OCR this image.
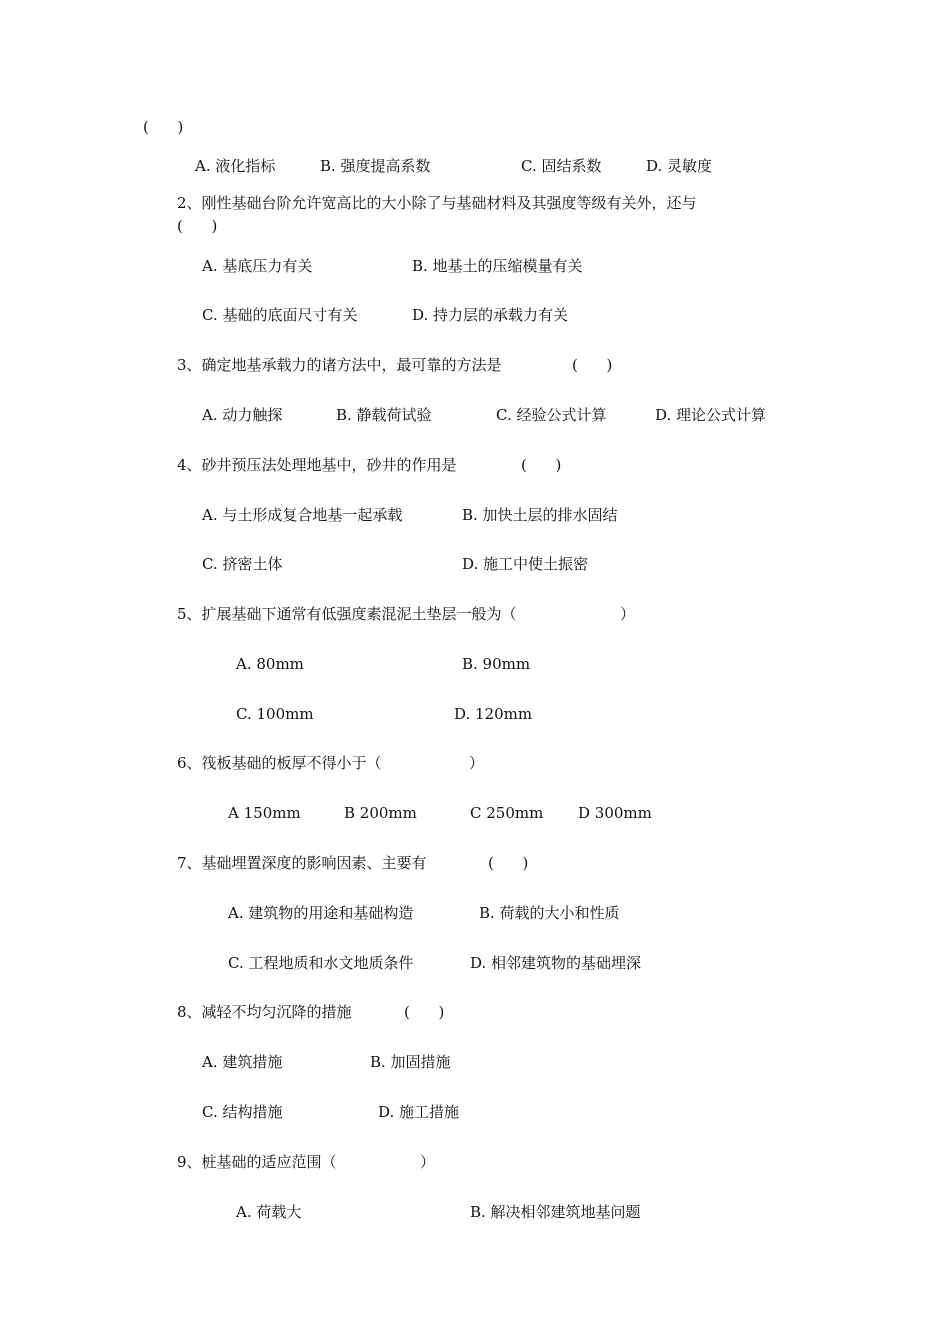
(      )
A. 液化指标	B. 强度提高系数	C. 固结系数	D. 灵敏度
2、刚性基础台阶允许宽高比的大小除了与基础材料及其强度等级有关外，还与
(      )
A. 基底压力有关	B. 地基土的压缩模量有关
C. 基础的底面尺寸有关	D. 持力层的承载力有关
3、确定地基承载力的诸方法中，最可靠的方法是	(      )
A. 动力触探	B. 静载荷试验	C. 经验公式计算	D. 理论公式计算
4、砂井预压法处理地基中，砂井的作用是	(      )
A. 与土形成复合地基一起承载	B. 加快土层的排水固结
C. 挤密土体	D. 施工中使土振密
5、扩展基础下通常有低强度素混泥土垫层一般为（	）
A. 80mm	B. 90mm
C. 100mm	D. 120mm
6、筏板基础的板厚不得小于（	）
A 150mm	B 200mm	C 250mm D 300mm
7、基础埋置深度的影响因素、主要有	(      )
A. 建筑物的用途和基础构造	B. 荷载的大小和性质
C. 工程地质和水文地质条件	D. 相邻建筑物的基础埋深
8、减轻不均匀沉降的措施	(      )
A. 建筑措施	B. 加固措施
C. 结构措施	D. 施工措施
9、桩基础的适应范围（	）
A. 荷载大	B. 解决相邻建筑地基问题
